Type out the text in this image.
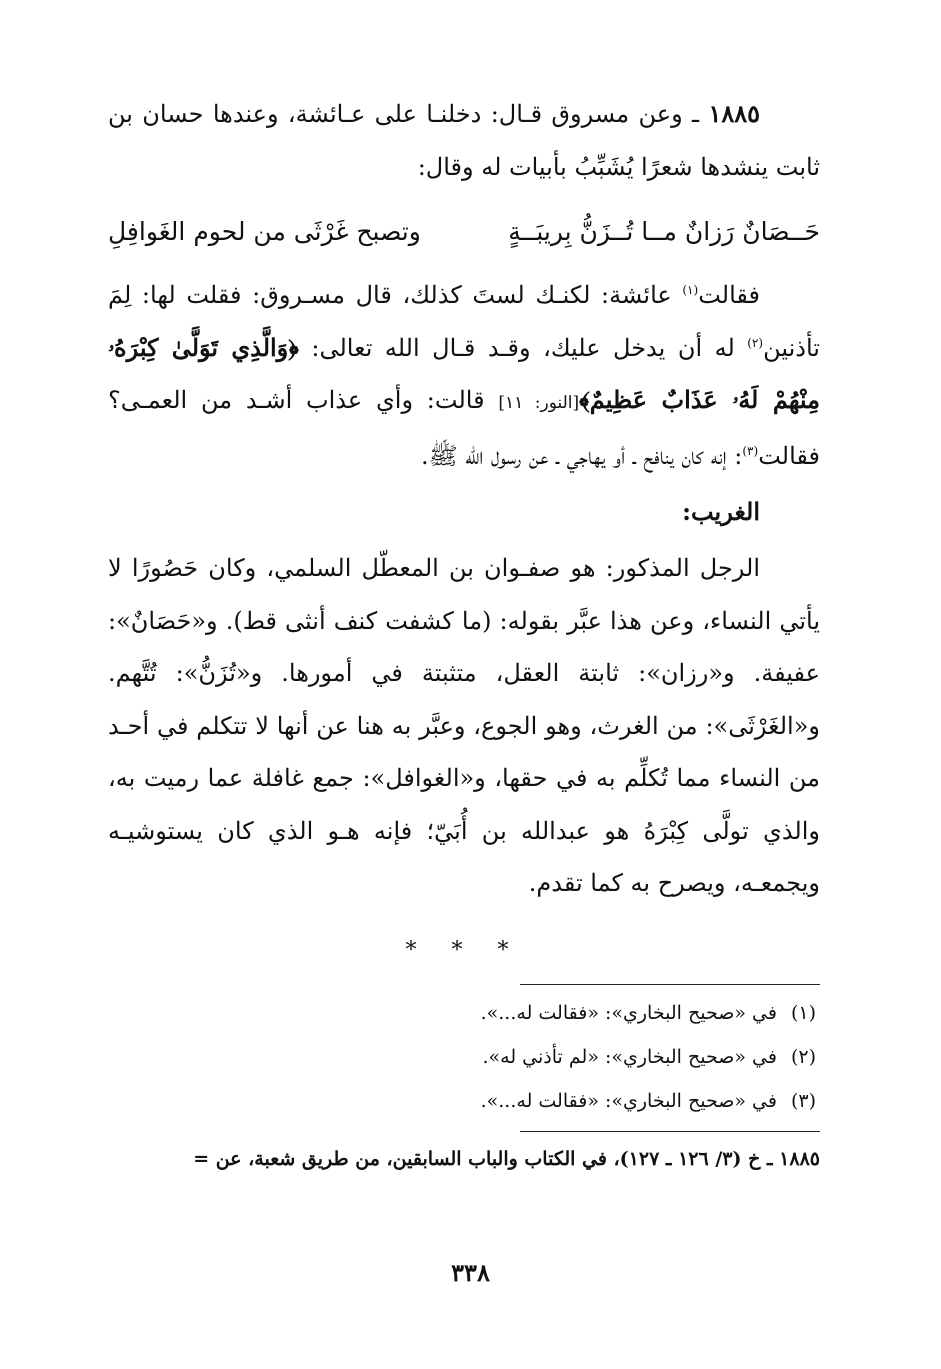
١٨٨٥ ـ وعن مسروق قـال: دخلنـا على عـائشة، وعندها حسان بن ثابت ينشدها شعرًا يُشَبِّبُ بأبيات له وقال:

حَــصَانٌ رَزانٌ مــا تُــزَنُّ بِريبَــةٍ
وتصبح غَرْثَى من لحوم الغَوافِلِ

فقالت$^{(١)}$ عائشة: لكنـك لستَ كذلك، قال مسـروق: فقلت لها: لِمَ تأذنين$^{(٢)}$ له أن يدخل عليك، وقـد قـال الله تعالى: ﴿وَالَّذِي تَوَلَّىٰ كِبْرَهُۥ مِنْهُمْ لَهُۥ عَذَابٌ عَظِيمٌ﴾[النور: ١١] قالت: وأي عذاب أشـد من العمـى؟ فقالت$^{(٣)}$: إنه كان ينافح ـ أو يهاجي ـ عن رسول الله ﷺ.

الغريب:

الرجل المذكور: هو صفـوان بن المعطّل السلمي، وكان حَصُورًا لا يأتي النساء، وعن هذا عبَّر بقوله: (ما كشفت كنف أنثى قط). و«حَصَانٌ»: عفيفة. و«رزان»: ثابتة العقل، متثبتة في أمورها. و«تُزَنُّ»: تُتَّهم. و«الغَرْثَى»: من الغرث، وهو الجوع، وعبَّر به هنا عن أنها لا تتكلم في أحـد من النساء مما تُكلِّم به في حقها، و«الغوافل»: جمع غافلة عما رميت به، والذي تولَّى كِبْرَهُ هو عبدالله بن أُبَيّ؛ فإنه هـو الذي كان يستوشيـه ويجمعـه، ويصرح به كما تقدم.

* * *

(١)في «صحيح البخاري»: «فقالت له...».

(٢)في «صحيح البخاري»: «لم تأذني له».

(٣)في «صحيح البخاري»: «فقالت له...».

١٨٨٥ ـ خ (٣/ ١٢٦ ـ ١٢٧)، في الكتاب والباب السابقين، من طريق شعبة، عن =

٣٣٨
